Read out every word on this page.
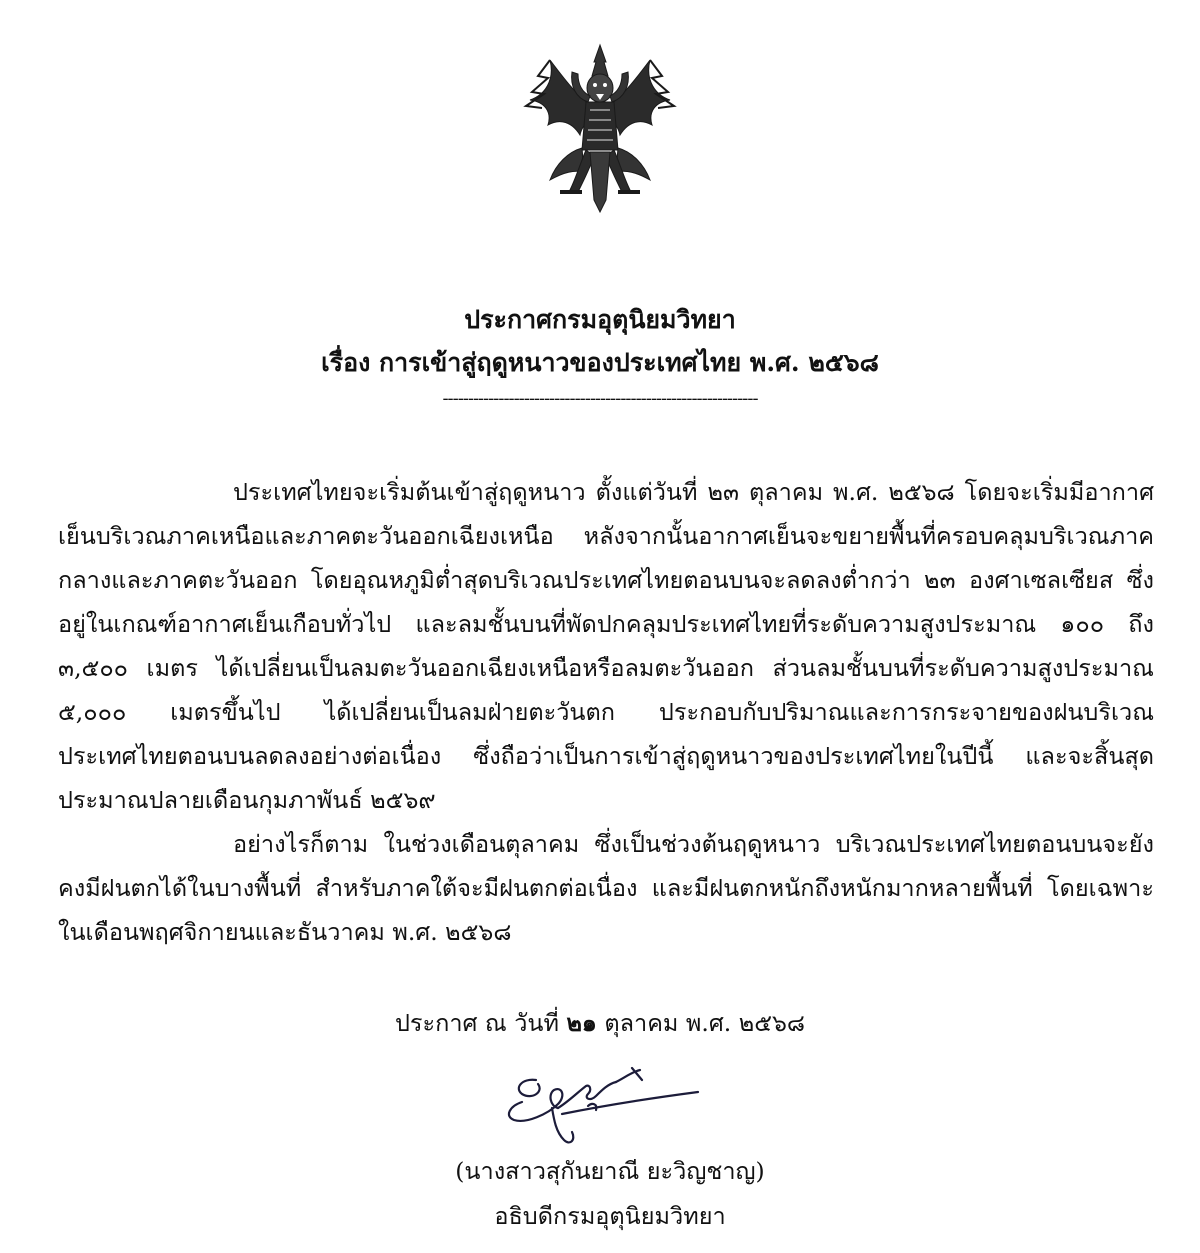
ประกาศกรมอุตุนิยมวิทยา
เรื่อง การเข้าสู่ฤดูหนาวของประเทศไทย พ.ศ. ๒๕๖๘
--------------------------------------------------------------

ประเทศไทยจะเริ่มต้นเข้าสู่ฤดูหนาว ตั้งแต่วันที่ ๒๓ ตุลาคม พ.ศ. ๒๕๖๘ โดยจะเริ่มมีอากาศเย็นบริเวณภาคเหนือและภาคตะวันออกเฉียงเหนือ หลังจากนั้นอากาศเย็นจะขยายพื้นที่ครอบคลุมบริเวณภาคกลางและภาคตะวันออก โดยอุณหภูมิต่ำสุดบริเวณประเทศไทยตอนบนจะลดลงต่ำกว่า ๒๓ องศาเซลเซียส ซึ่งอยู่ในเกณฑ์อากาศเย็นเกือบทั่วไป และลมชั้นบนที่พัดปกคลุมประเทศไทยที่ระดับความสูงประมาณ ๑๐๐ ถึง ๓,๕๐๐ เมตร ได้เปลี่ยนเป็นลมตะวันออกเฉียงเหนือหรือลมตะวันออก ส่วนลมชั้นบนที่ระดับความสูงประมาณ ๕,๐๐๐ เมตรขึ้นไป ได้เปลี่ยนเป็นลมฝ่ายตะวันตก ประกอบกับปริมาณและการกระจายของฝนบริเวณประเทศไทยตอนบนลดลงอย่างต่อเนื่อง ซึ่งถือว่าเป็นการเข้าสู่ฤดูหนาวของประเทศไทยในปีนี้ และจะสิ้นสุดประมาณปลายเดือนกุมภาพันธ์ ๒๕๖๙

อย่างไรก็ตาม ในช่วงเดือนตุลาคม ซึ่งเป็นช่วงต้นฤดูหนาว บริเวณประเทศไทยตอนบนจะยังคงมีฝนตกได้ในบางพื้นที่ สำหรับภาคใต้จะมีฝนตกต่อเนื่อง และมีฝนตกหนักถึงหนักมากหลายพื้นที่ โดยเฉพาะในเดือนพฤศจิกายนและธันวาคม พ.ศ. ๒๕๖๘

ประกาศ ณ วันที่ ๒๑ ตุลาคม พ.ศ. ๒๕๖๘
(นางสาวสุกันยาณี ยะวิญชาญ)
อธิบดีกรมอุตุนิยมวิทยา
